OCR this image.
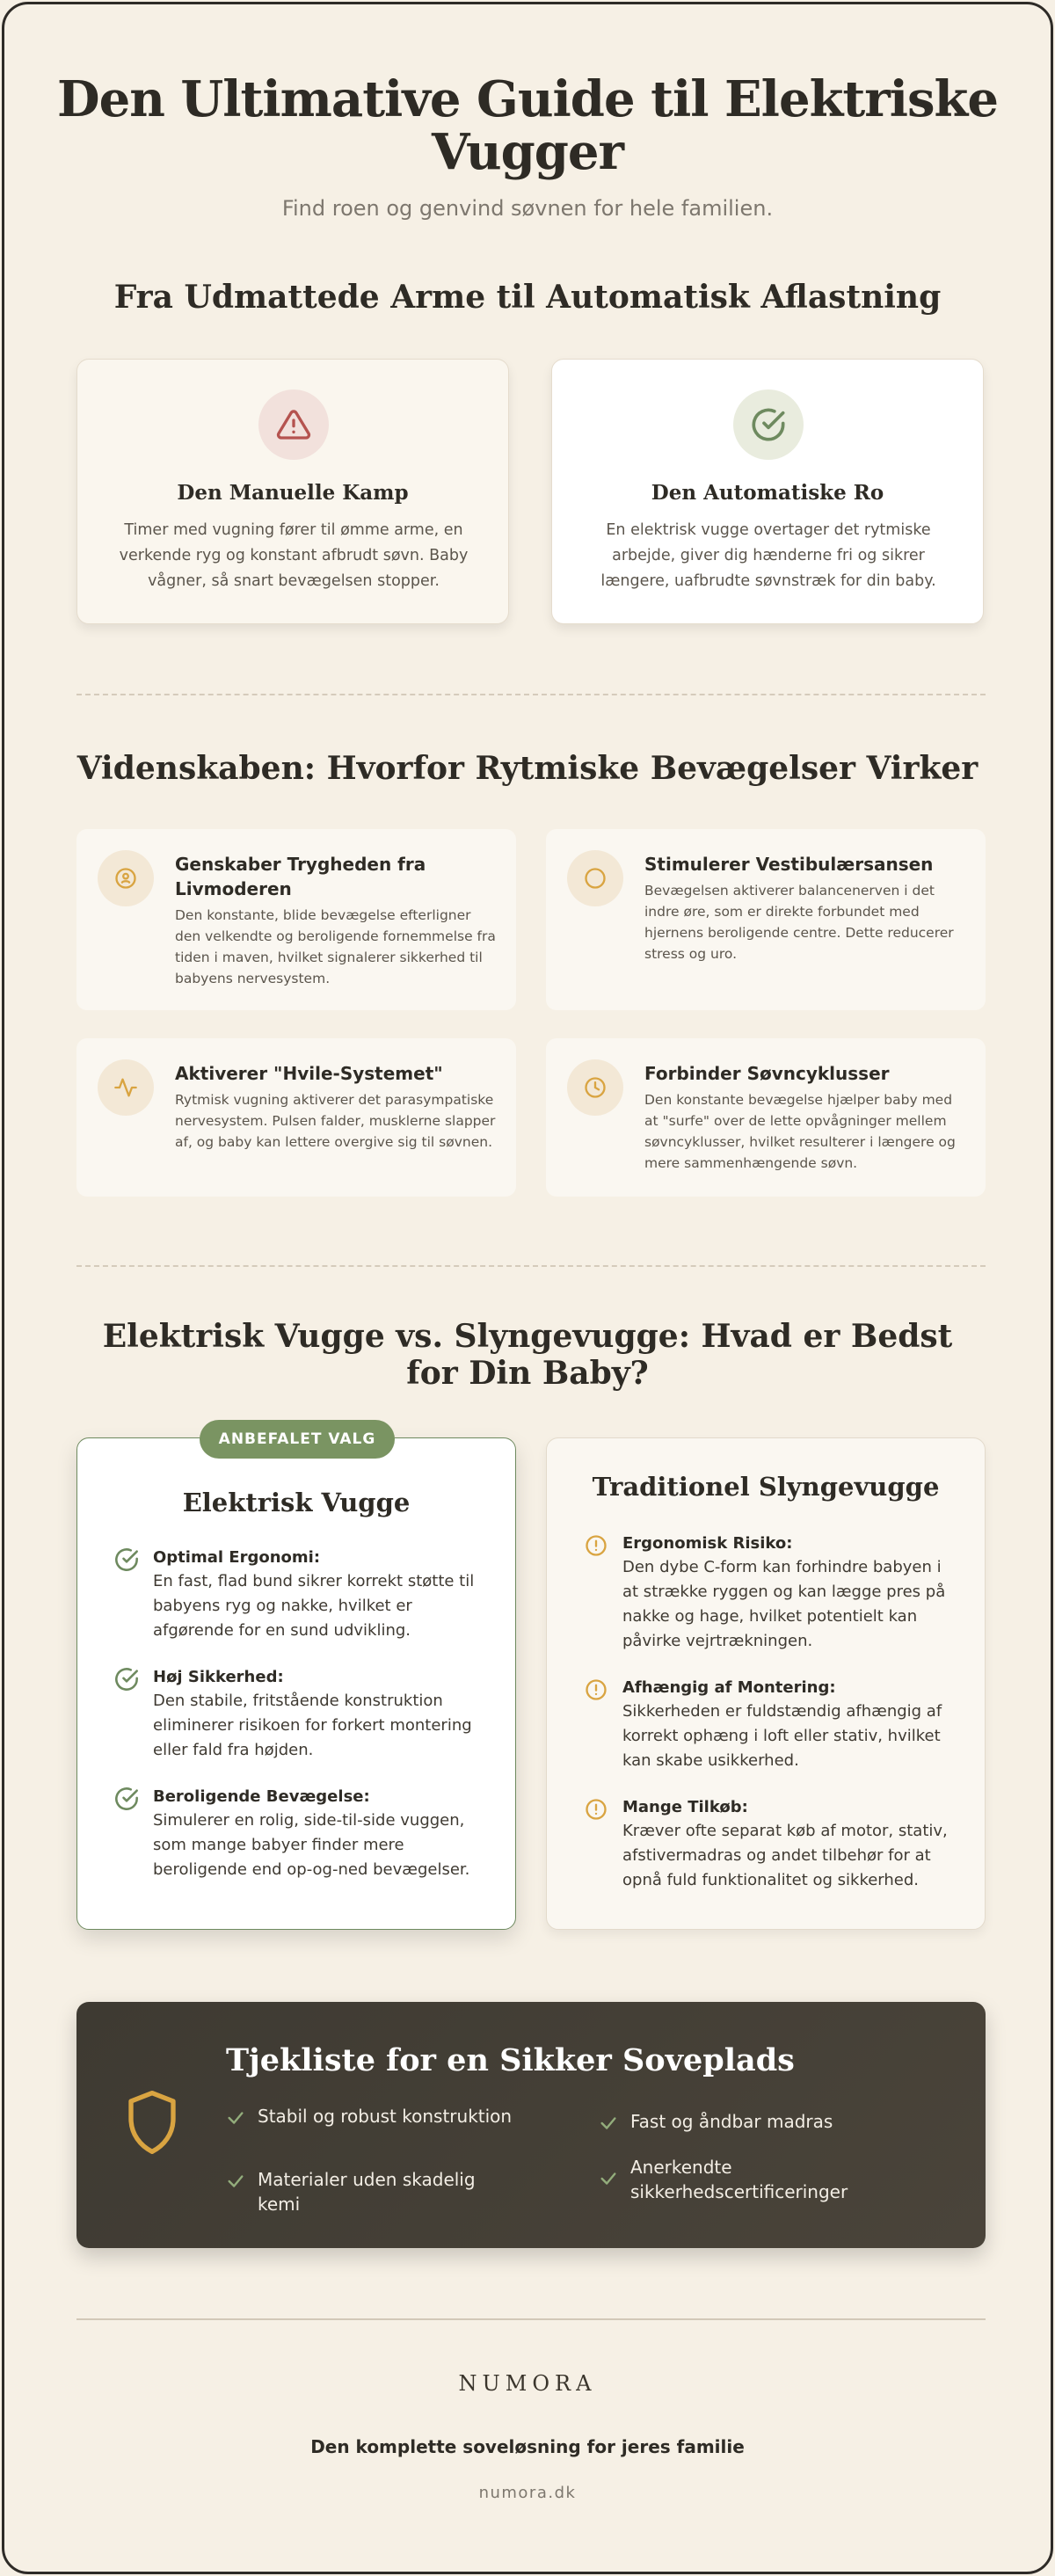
Den Ultimative Guide til Elektriske Vugger

Find roen og genvind søvnen for hele familien.

Fra Udmattede Arme til Automatisk Aflastning
Den Manuelle Kamp

Timer med vugning fører til ømme arme, en verkende ryg og konstant afbrudt søvn. Baby vågner, så snart bevægelsen stopper.

Den Automatiske Ro

En elektrisk vugge overtager det rytmiske arbejde, giver dig hænderne fri og sikrer længere, uafbrudte søvnstræk for din baby.

Videnskaben: Hvorfor Rytmiske Bevægelser Virker
Genskaber Trygheden fra Livmoderen

Den konstante, blide bevægelse efterligner den velkendte og beroligende fornemmelse fra tiden i maven, hvilket signalerer sikkerhed til babyens nervesystem.

Stimulerer Vestibulærsansen

Bevægelsen aktiverer balancenerven i det indre øre, som er direkte forbundet med hjernens beroligende centre. Dette reducerer stress og uro.

Aktiverer "Hvile-Systemet"

Rytmisk vugning aktiverer det parasympatiske nervesystem. Pulsen falder, musklerne slapper af, og baby kan lettere overgive sig til søvnen.

Forbinder Søvncyklusser

Den konstante bevægelse hjælper baby med at "surfe" over de lette opvågninger mellem søvncyklusser, hvilket resulterer i længere og mere sammenhængende søvn.

Elektrisk Vugge vs. Slyngevugge: Hvad er Bedst for Din Baby?
ANBEFALET VALG
Elektrisk Vugge
Optimal Ergonomi:
En fast, flad bund sikrer korrekt støtte til babyens ryg og nakke, hvilket er afgørende for en sund udvikling.
Høj Sikkerhed:
Den stabile, fritstående konstruktion eliminerer risikoen for forkert montering eller fald fra højden.
Beroligende Bevægelse:
Simulerer en rolig, side-til-side vuggen, som mange babyer finder mere beroligende end op-og-ned bevægelser.
Traditionel Slyngevugge
Ergonomisk Risiko:
Den dybe C-form kan forhindre babyen i at strække ryggen og kan lægge pres på nakke og hage, hvilket potentielt kan påvirke vejrtrækningen.
Afhængig af Montering:
Sikkerheden er fuldstændig afhængig af korrekt ophæng i loft eller stativ, hvilket kan skabe usikkerhed.
Mange Tilkøb:
Kræver ofte separat køb af motor, stativ, afstivermadras og andet tilbehør for at opnå fuld funktionalitet og sikkerhed.
Tjekliste for en Sikker Soveplads
Stabil og robust konstruktion	Fast og åndbar madras
Materialer uden skadelig kemi
Anerkendte sikkerhedscertificeringer
NUMORA
Den komplette soveløsning for jeres familie
numora.dk
